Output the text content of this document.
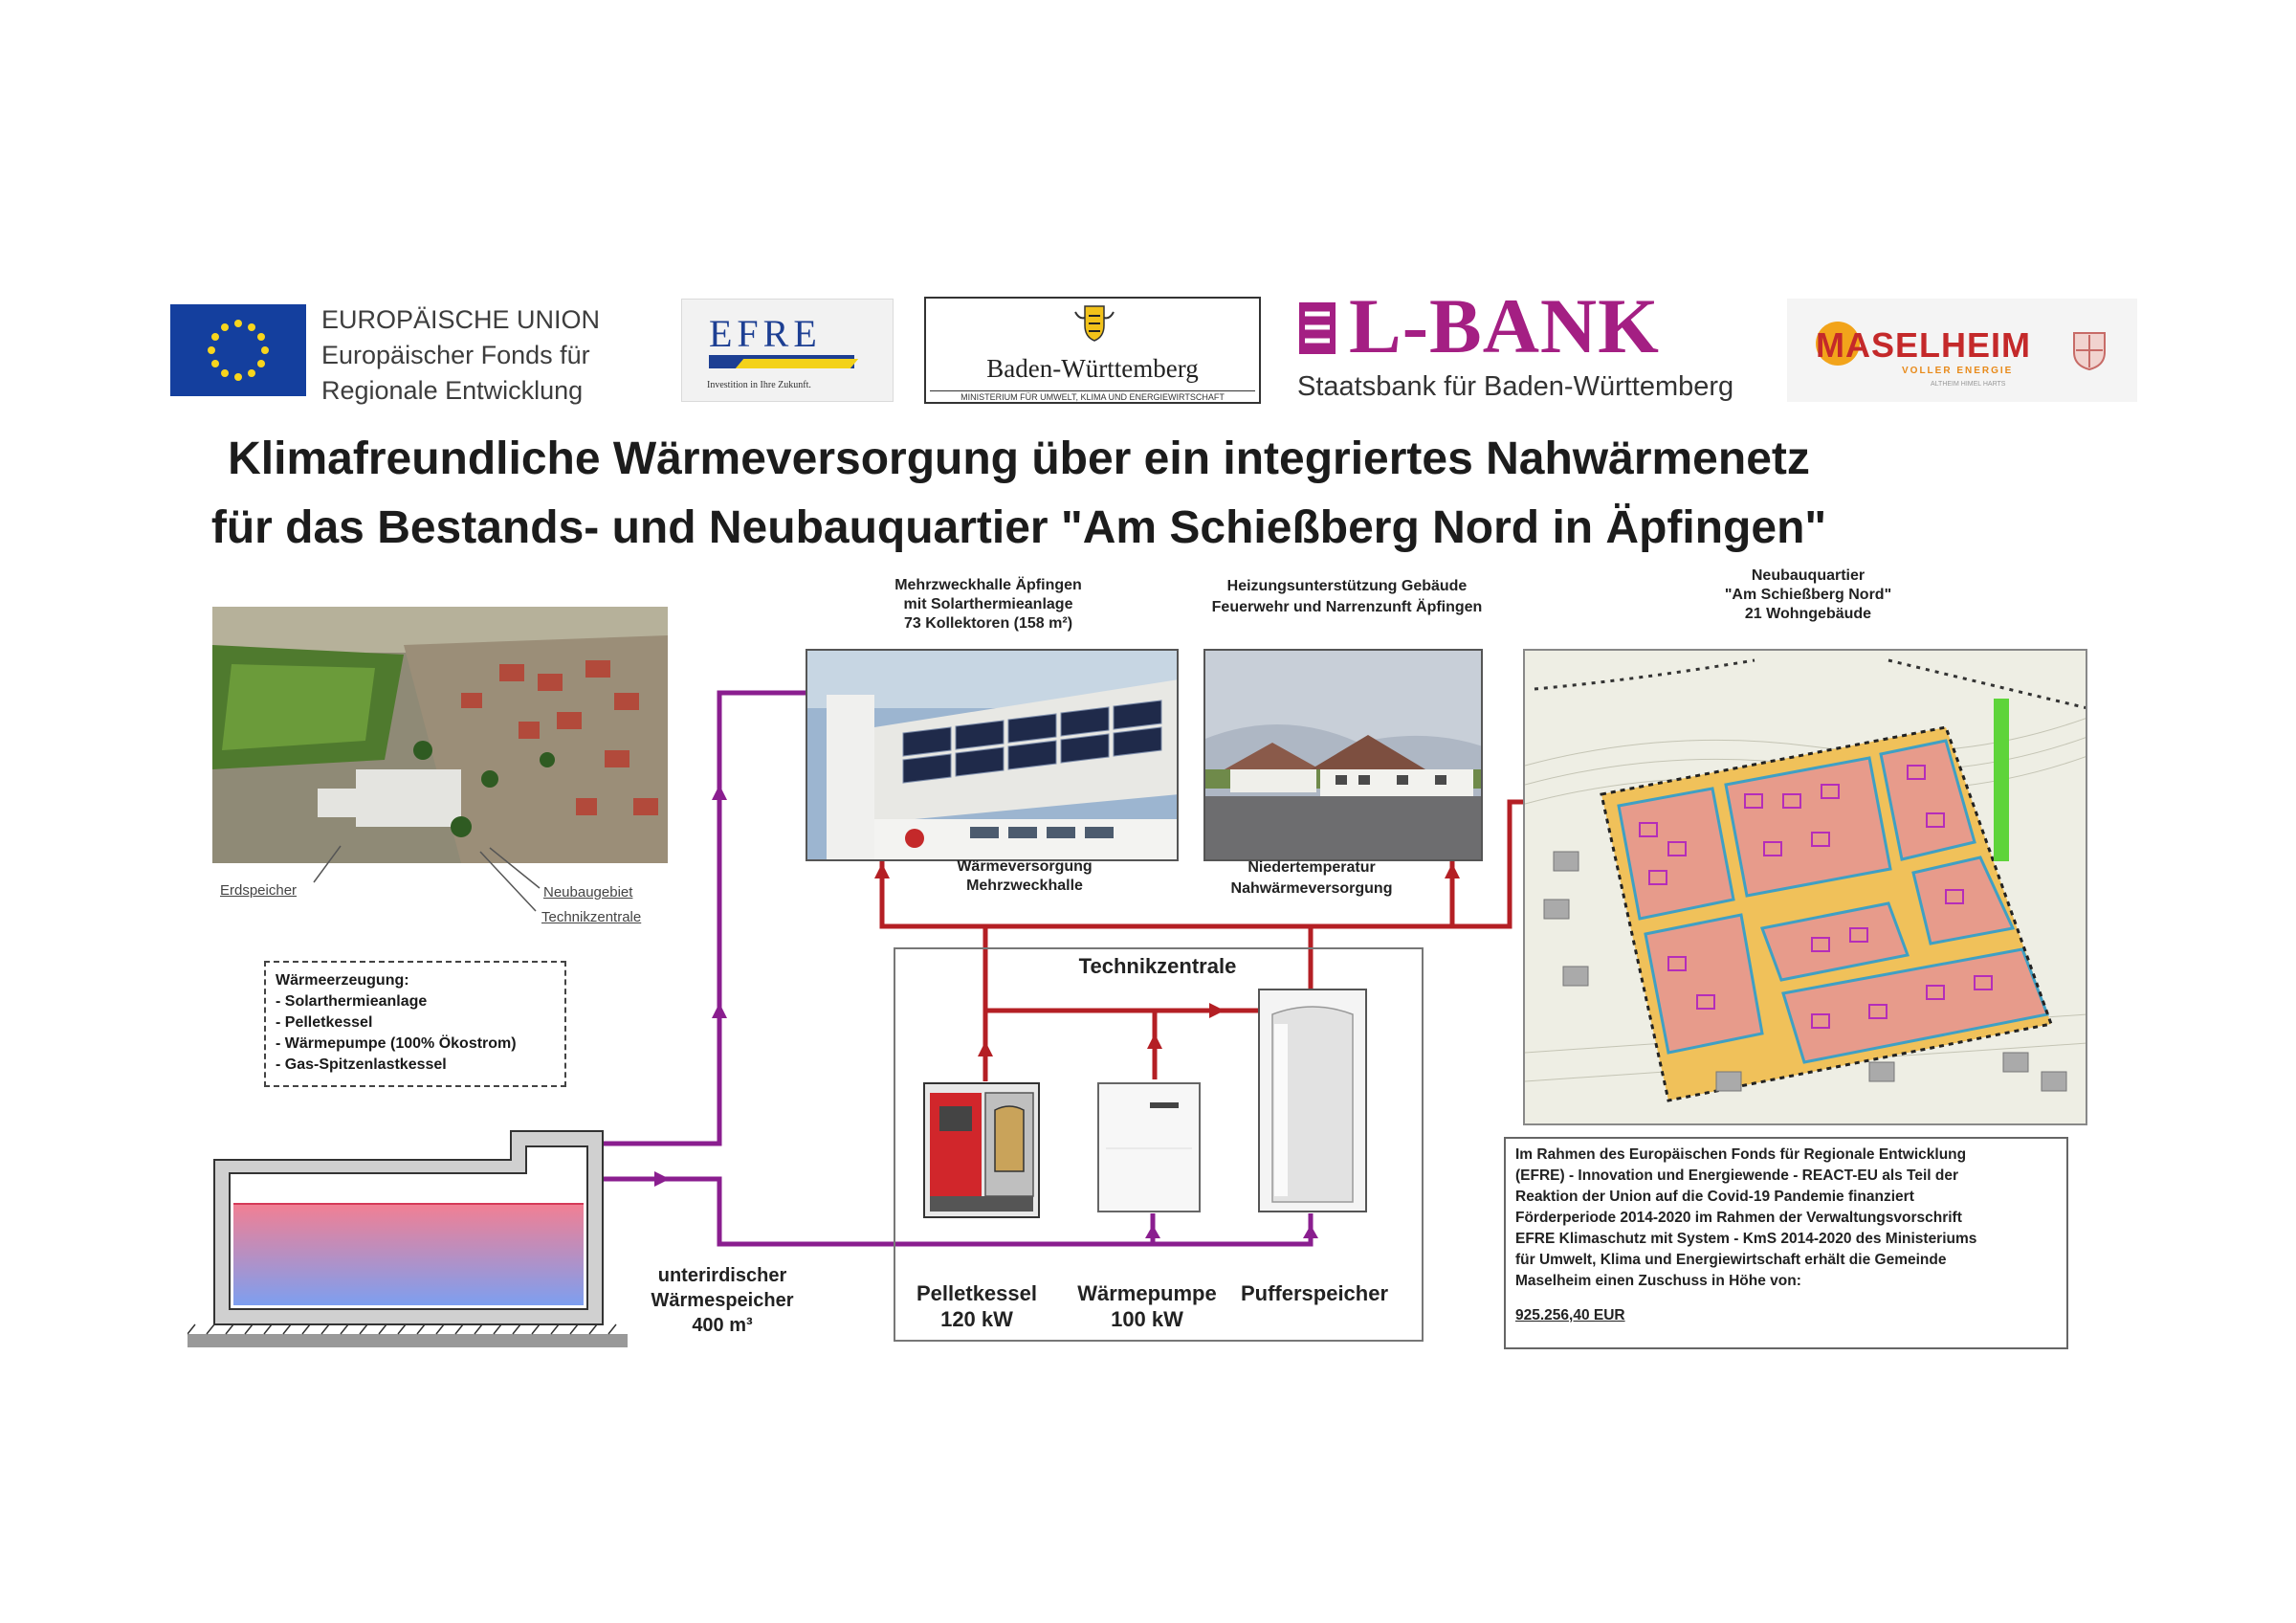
EUROPÄISCHE UNION
Europäischer Fonds für
Regionale Entwicklung
EFRE
Investition in Ihre Zukunft.
Baden-Württemberg
MINISTERIUM FÜR UMWELT, KLIMA UND ENERGIEWIRTSCHAFT
L-BANK
Staatsbank für Baden-Württemberg
MASELHEIM
VOLLER ENERGIE
ALTHEIM HIMEL HARTS
Klimafreundliche Wärmeversorgung über ein integriertes Nahwärmenetz
für das Bestands- und Neubauquartier "Am Schießberg Nord in Äpfingen"
Erdspeicher	Neubaugebiet
Technikzentrale
Wärmeerzeugung:
- Solarthermieanlage
- Pelletkessel
- Wärmepumpe (100% Ökostrom)
- Gas-Spitzenlastkessel
unterirdischer
Wärmespeicher
400 m³
Mehrzweckhalle Äpfingen
mit Solarthermieanlage
73 Kollektoren (158 m²)
Wärmeversorgung
Mehrzweckhalle
Heizungsunterstützung Gebäude
Feuerwehr und Narrenzunft Äpfingen
Niedertemperatur
Nahwärmeversorgung
Neubauquartier
"Am Schießberg Nord"
21 Wohngebäude
Technikzentrale
Pelletkessel
120 kW
Wärmepumpe
100 kW
Pufferspeicher
Im Rahmen des Europäischen Fonds für Regionale Entwicklung
(EFRE) - Innovation und Energiewende - REACT-EU als Teil der
Reaktion der Union auf die Covid-19 Pandemie finanziert
Förderperiode 2014-2020 im Rahmen der Verwaltungsvorschrift
EFRE Klimaschutz mit System - KmS 2014-2020 des Ministeriums
für Umwelt, Klima und Energiewirtschaft erhält die Gemeinde
Maselheim einen Zuschuss in Höhe von:
925.256,40 EUR
